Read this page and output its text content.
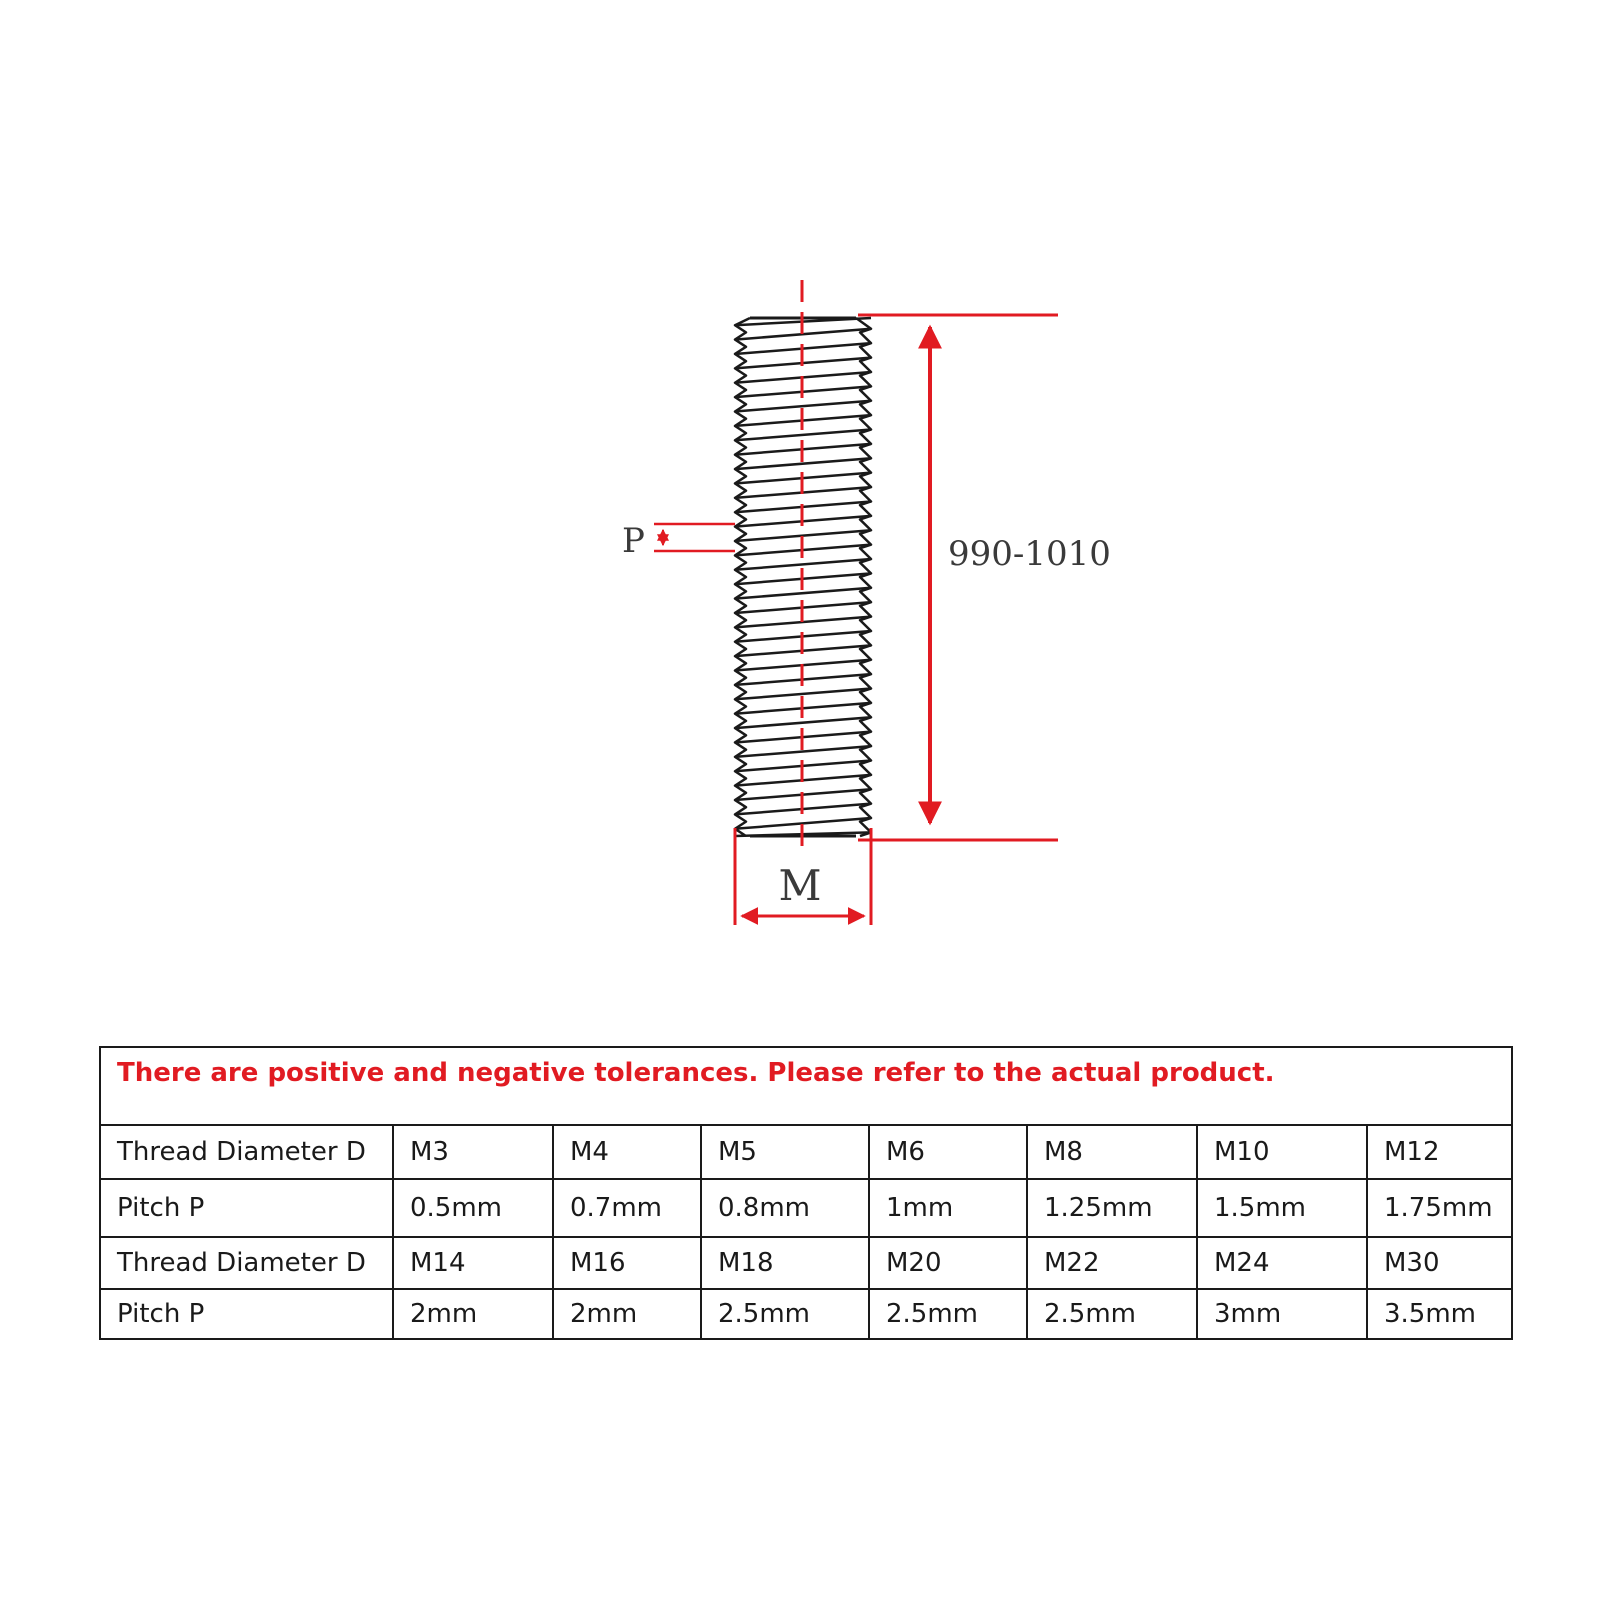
990-1010
P
M
There are positive and negative tolerances. Please refer to the actual product.							
Thread Diameter D	M3	M4	M5	M6	M8	M10	M12
Pitch P	0.5mm	0.7mm	0.8mm	1mm	1.25mm	1.5mm	1.75mm
Thread Diameter D	M14	M16	M18	M20	M22	M24	M30
Pitch P	2mm	2mm	2.5mm	2.5mm	2.5mm	3mm	3.5mm
